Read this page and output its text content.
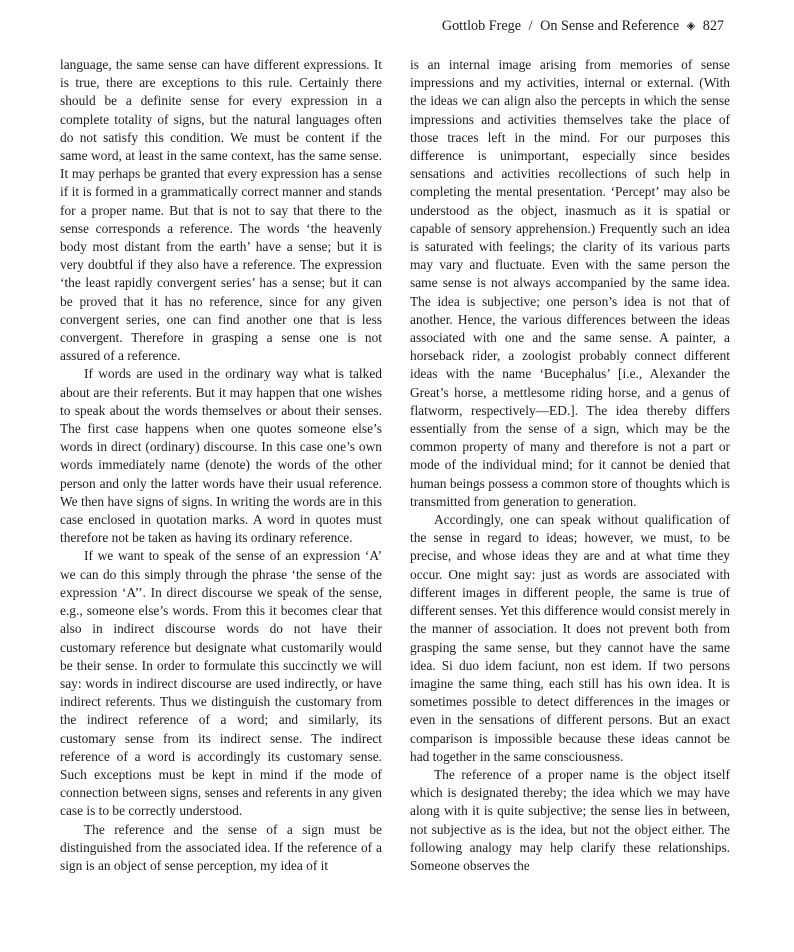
Gottlob Frege / On Sense and Reference ◈ 827

language, the same sense can have different expressions. It is true, there are exceptions to this rule. Certainly there should be a definite sense for every expression in a complete totality of signs, but the natural languages often do not satisfy this condition. We must be content if the same word, at least in the same context, has the same sense. It may perhaps be granted that every expression has a sense if it is formed in a grammatically correct manner and stands for a proper name. But that is not to say that there to the sense corresponds a reference. The words ‘the heavenly body most distant from the earth’ have a sense; but it is very doubtful if they also have a reference. The expression ‘the least rapidly convergent series’ has a sense; but it can be proved that it has no reference, since for any given convergent series, one can find another one that is less convergent. Therefore in grasping a sense one is not assured of a reference.

If words are used in the ordinary way what is talked about are their referents. But it may happen that one wishes to speak about the words themselves or about their senses. The first case happens when one quotes someone else’s words in direct (ordinary) discourse. In this case one’s own words immediately name (denote) the words of the other person and only the latter words have their usual reference. We then have signs of signs. In writing the words are in this case enclosed in quotation marks. A word in quotes must therefore not be taken as having its ordinary reference.

If we want to speak of the sense of an expression ‘A’ we can do this simply through the phrase ‘the sense of the expression ‘A’’. In direct discourse we speak of the sense, e.g., someone else’s words. From this it becomes clear that also in indirect discourse words do not have their customary reference but designate what customarily would be their sense. In order to formulate this succinctly we will say: words in indirect discourse are used indirectly, or have indirect referents. Thus we distinguish the customary from the indirect reference of a word; and similarly, its customary sense from its indirect sense. The indirect reference of a word is accordingly its customary sense. Such exceptions must be kept in mind if the mode of connection between signs, senses and referents in any given case is to be correctly understood.

The reference and the sense of a sign must be distinguished from the associated idea. If the reference of a sign is an object of sense perception, my idea of it

is an internal image arising from memories of sense impressions and my activities, internal or external. (With the ideas we can align also the percepts in which the sense impressions and activities themselves take the place of those traces left in the mind. For our purposes this difference is unimportant, especially since besides sensations and activities recollections of such help in completing the mental presentation. ‘Percept’ may also be understood as the object, inasmuch as it is spatial or capable of sensory apprehension.) Frequently such an idea is saturated with feelings; the clarity of its various parts may vary and fluctuate. Even with the same person the same sense is not always accompanied by the same idea. The idea is subjective; one person’s idea is not that of another. Hence, the various differences between the ideas associated with one and the same sense. A painter, a horseback rider, a zoologist probably connect different ideas with the name ‘Bucephalus’ [i.e., Alexander the Great’s horse, a mettlesome riding horse, and a genus of flatworm, respectively—ED.]. The idea thereby differs essentially from the sense of a sign, which may be the common property of many and therefore is not a part or mode of the individual mind; for it cannot be denied that human beings possess a common store of thoughts which is transmitted from generation to generation.

Accordingly, one can speak without qualification of the sense in regard to ideas; however, we must, to be precise, and whose ideas they are and at what time they occur. One might say: just as words are associated with different images in different people, the same is true of different senses. Yet this difference would consist merely in the manner of association. It does not prevent both from grasping the same sense, but they cannot have the same idea. Si duo idem faciunt, non est idem. If two persons imagine the same thing, each still has his own idea. It is sometimes possible to detect differences in the images or even in the sensations of different persons. But an exact comparison is impossible because these ideas cannot be had together in the same consciousness.

The reference of a proper name is the object itself which is designated thereby; the idea which we may have along with it is quite subjective; the sense lies in between, not subjective as is the idea, but not the object either. The following analogy may help clarify these relationships. Someone observes the
